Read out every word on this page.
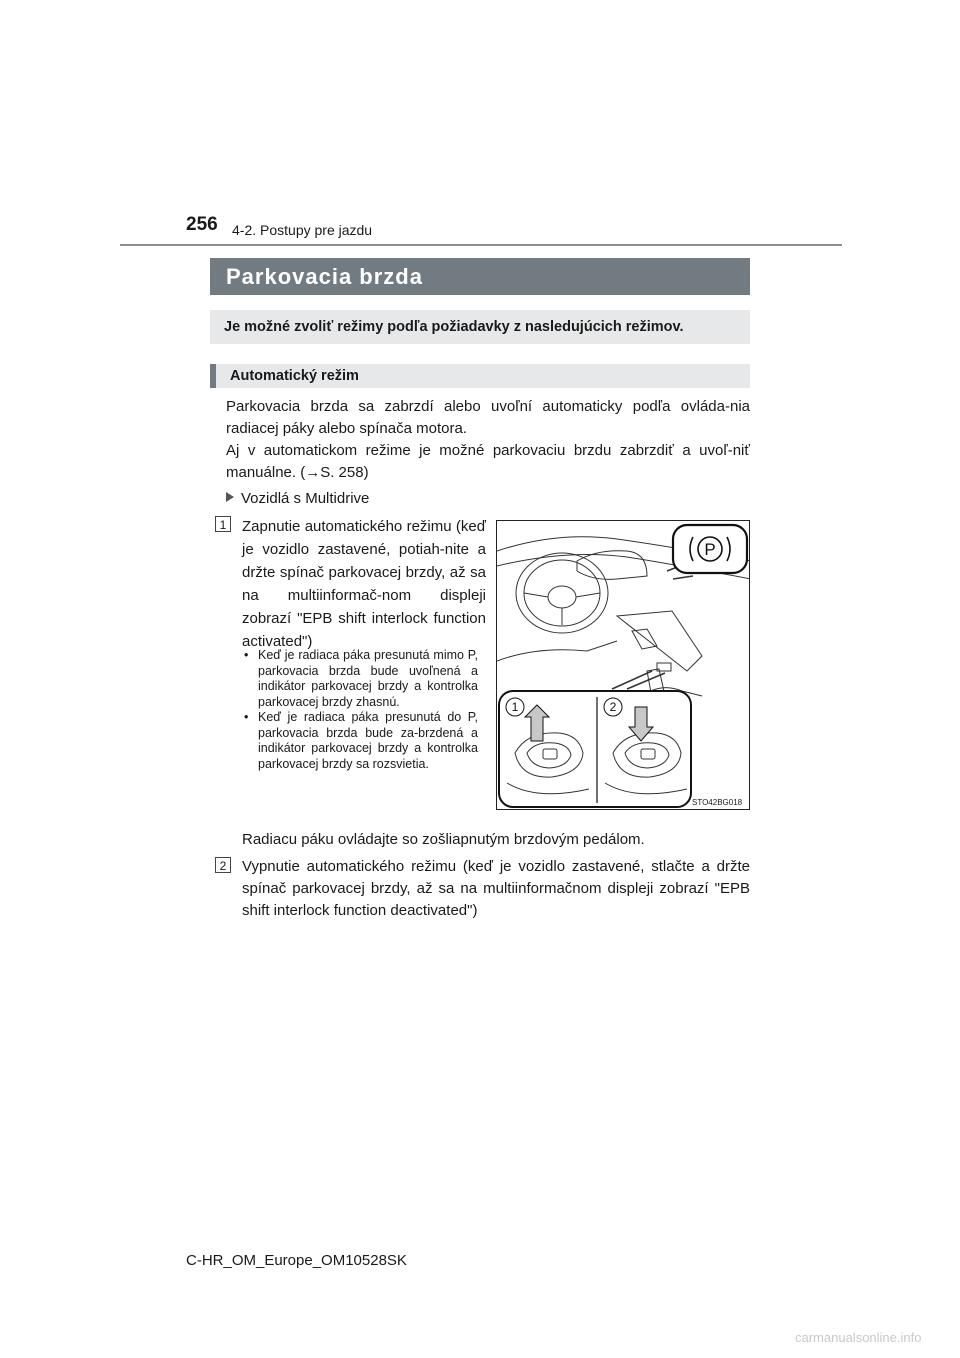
256 4-2. Postupy pre jazdu
Parkovacia brzda
Je možné zvoliť režimy podľa požiadavky z nasledujúcich režimov.
Automatický režim
Parkovacia brzda sa zabrzdí alebo uvoľní automaticky podľa ovláda-nia radiacej páky alebo spínača motora.
Aj v automatickom režime je možné parkovaciu brzdu zabrzdiť a uvoľ-niť manuálne. (→S. 258)
Vozidlá s Multidrive
1	Zapnutie automatického režimu (keď je vozidlo zastavené, potiah-nite a držte spínač parkovacej brzdy, až sa na multiinformač-nom displeji zobrazí "EPB shift interlock function activated")
• Keď je radiaca páka presunutá mimo P, parkovacia brzda bude uvoľnená a indikátor parkovacej brzdy a kontrolka parkovacej brzdy zhasnú.
• Keď je radiaca páka presunutá do P, parkovacia brzda bude za-brzdená a indikátor parkovacej brzdy a kontrolka parkovacej brzdy sa rozsvietia.
Radiacu páku ovládajte so zošliapnutým brzdovým pedálom.
2	Vypnutie automatického režimu (keď je vozidlo zastavené, stlačte a držte spínač parkovacej brzdy, až sa na multiinformačnom displeji zobrazí "EPB shift interlock function deactivated")
P
1	2
STO42BG018
C-HR_OM_Europe_OM10528SK
carmanualsonline.info
